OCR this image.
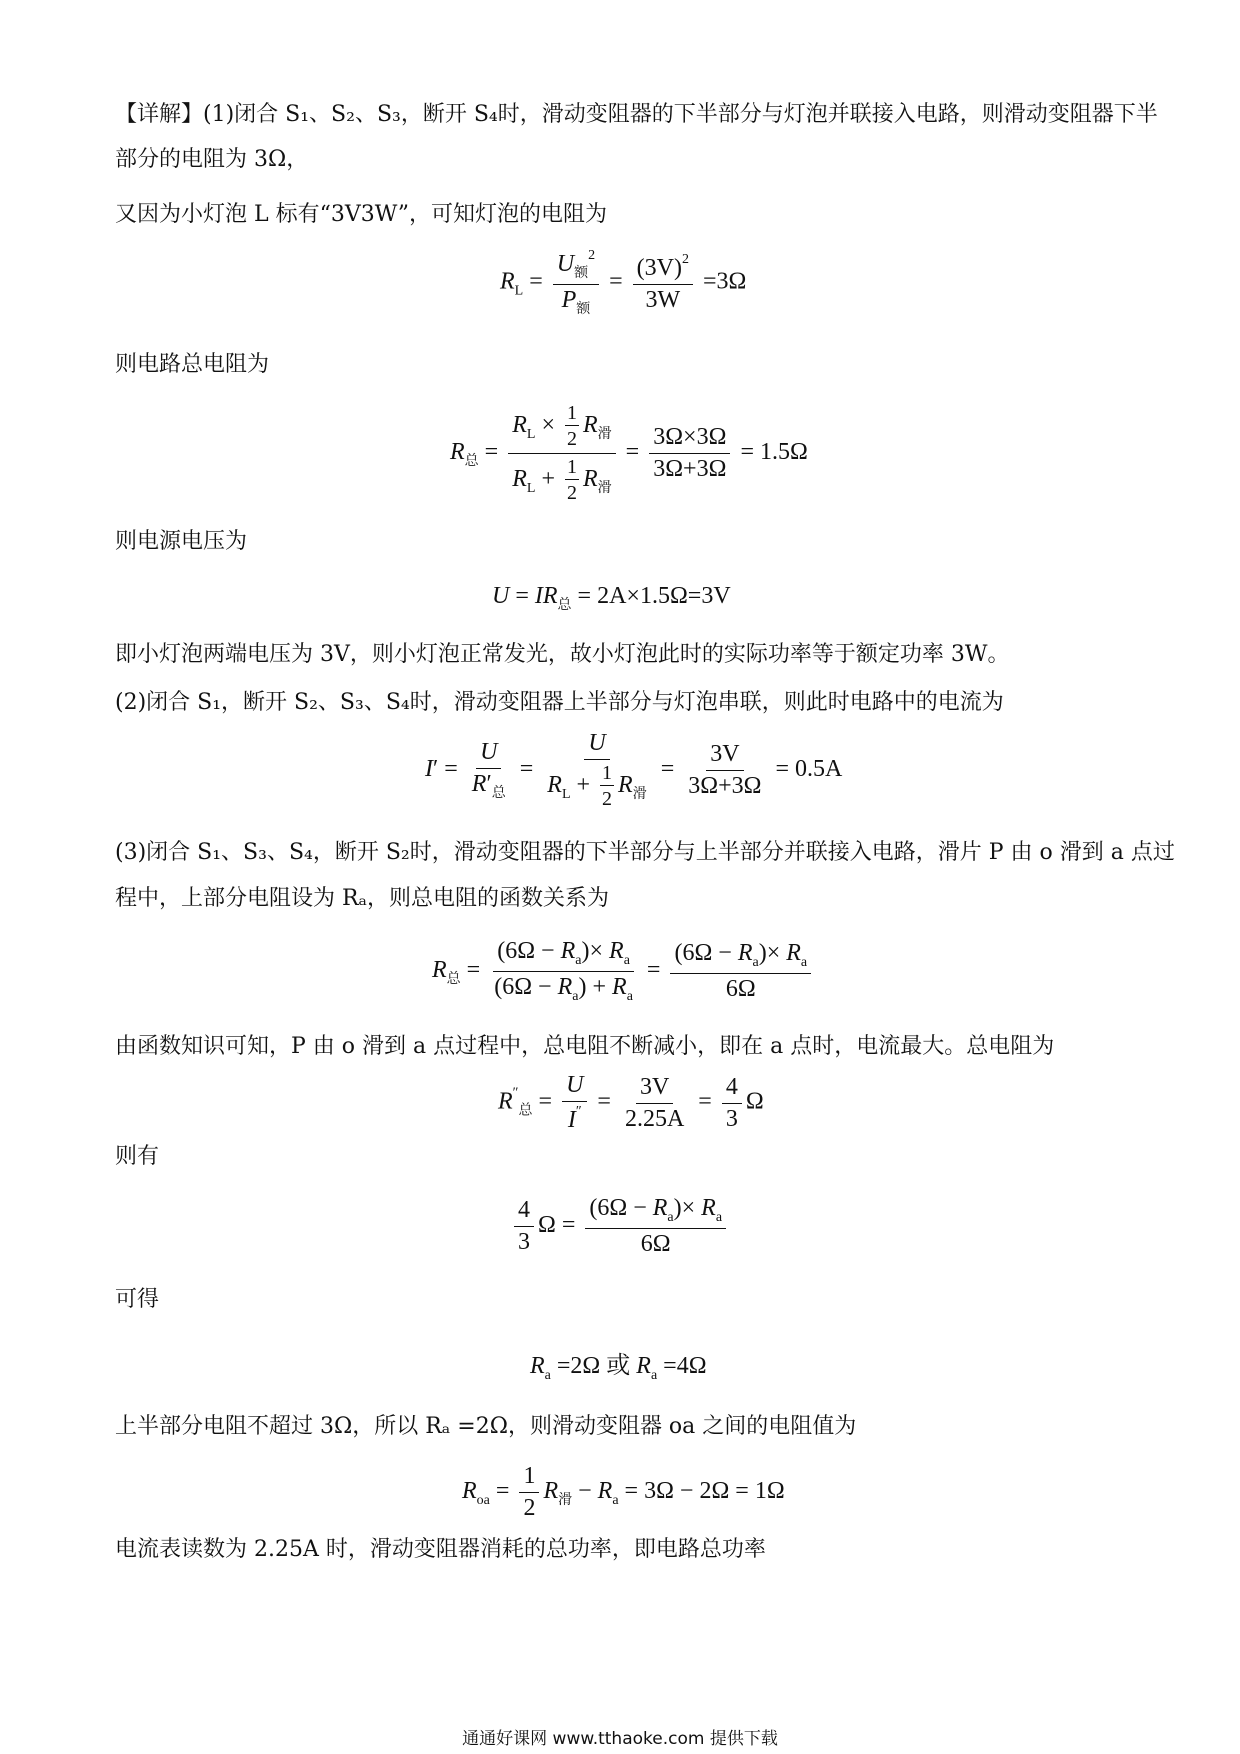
【详解】(1)闭合 S₁、S₂、S₃，断开 S₄时，滑动变阻器的下半部分与灯泡并联接入电路，则滑动变阻器下半
部分的电阻为 3Ω，
又因为小灯泡 L 标有“3V3W”，可知灯泡的电阻为
$R_L = \frac{U_额^2}{P_额} = \frac{(3V)^2}{3W} =3\Omega$
则电路总电阻为
$R_总 = \frac{R_L \times \frac{1}{2} R_滑}{R_L + \frac{1}{2} R_滑} = \frac{3\Omega\times 3\Omega}{3\Omega+3\Omega} = 1.5\Omega$
则电源电压为
$U = IR_总 = 2A\times 1.5\Omega=3V$
即小灯泡两端电压为 3V，则小灯泡正常发光，故小灯泡此时的实际功率等于额定功率 3W。
(2)闭合 S₁，断开 S₂、S₃、S₄时，滑动变阻器上半部分与灯泡串联，则此时电路中的电流为
$I' = \frac{U}{R'_总} = \frac{U}{R_L + \frac{1}{2} R_滑} = \frac{3V}{3\Omega+3\Omega} = 0.5A$
(3)闭合 S₁、S₃、S₄，断开 S₂时，滑动变阻器的下半部分与上半部分并联接入电路，滑片 P 由 o 滑到 a 点过
程中，上部分电阻设为 Rₐ，则总电阻的函数关系为
$R_总 = \frac{(6\Omega - R_a)\times R_a}{(6\Omega - R_a) + R_a} = \frac{(6\Omega - R_a)\times R_a}{6\Omega}$
由函数知识可知，P 由 o 滑到 a 点过程中，总电阻不断减小，即在 a 点时，电流最大。总电阻为
$R''_总 = \frac{U}{I''} = \frac{3V}{2.25A} = \frac{4}{3}$ Ω
则有
$\frac{4}{3}$ $\Omega = \frac{(6\Omega - R_a)\times R_a}{6\Omega}$
可得
$R_a =2\Omega$ 或 $R_a =4\Omega$
上半部分电阻不超过 3Ω，所以 Rₐ =2Ω，则滑动变阻器 oa 之间的电阻值为
$R_{oa} = \frac{1}{2} R_滑 - R_a = 3\Omega - 2\Omega = 1\Omega$
电流表读数为 2.25A 时，滑动变阻器消耗的总功率，即电路总功率
通通好课网 www.tthaoke.com 提供下载
